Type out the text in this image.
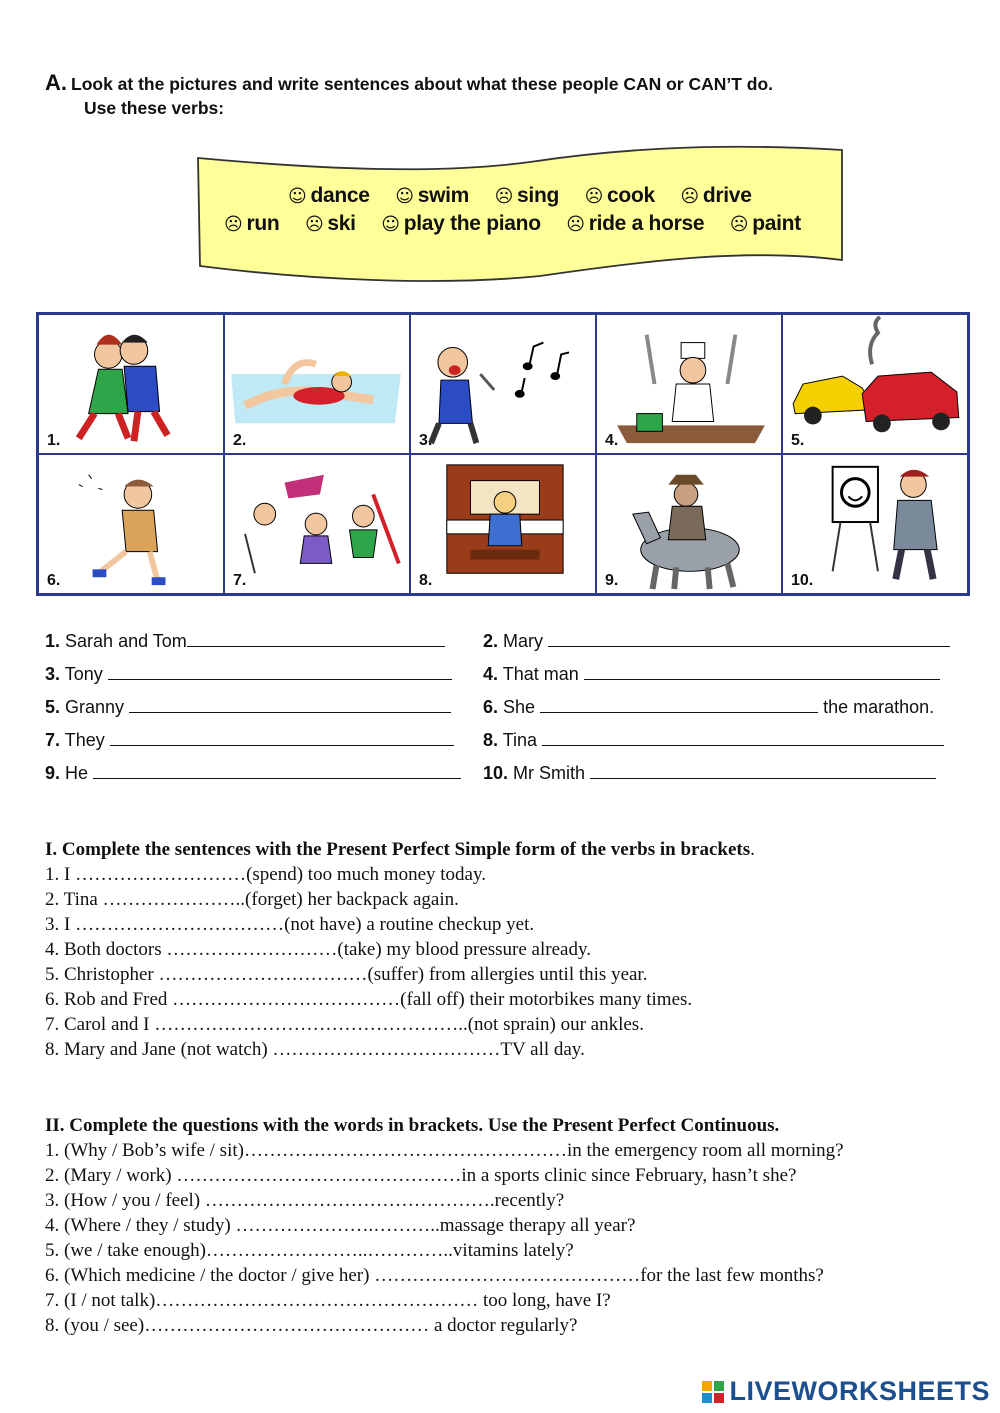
A. Look at the pictures and write sentences about what these people CAN or CAN’T do.
Use these verbs:
☺ dance ☺ swim ☹ sing ☹ cook ☹ drive
☹ run ☹ ski ☺ play the piano ☹ ride a horse ☹ paint
1.	2.	3.	4.	5.
6.	7.	8.	9.	10.
1. Sarah and Tom	2. Mary
3. Tony	4. That man
5. Granny	6. She	the marathon.
7. They	8. Tina
9. He	10. Mr Smith
I. Complete the sentences with the Present Perfect Simple form of the verbs in brackets.
1. I ………………………(spend) too much money today.
2. Tina …………………..(forget) her backpack again.
3. I ……………………………(not have) a routine checkup yet.
4. Both doctors ………………………(take) my blood pressure already.
5. Christopher ……………………………(suffer) from allergies until this year.
6. Rob and Fred ………………………………(fall off) their motorbikes many times.
7. Carol and I …………………………………………..(not sprain) our ankles.
8. Mary and Jane (not watch) ………………………………TV all day.
II. Complete the questions with the words in brackets. Use the Present Perfect Continuous.
1. (Why / Bob’s wife / sit)……………………………………………in the emergency room all morning?
2. (Mary / work) ………………………………………in a sports clinic since February, hasn’t she?
3. (How / you / feel) ……………………………………….recently?
4. (Where / they / study) ………………….………..massage therapy all year?
5. (we / take enough)……………………..…………..vitamins lately?
6. (Which medicine / the doctor / give her) ……………………………………for the last few months?
7. (I / not talk)…………………………………………… too long, have I?
8. (you / see)……………………………………… a doctor regularly?
LIVEWORKSHEETS
